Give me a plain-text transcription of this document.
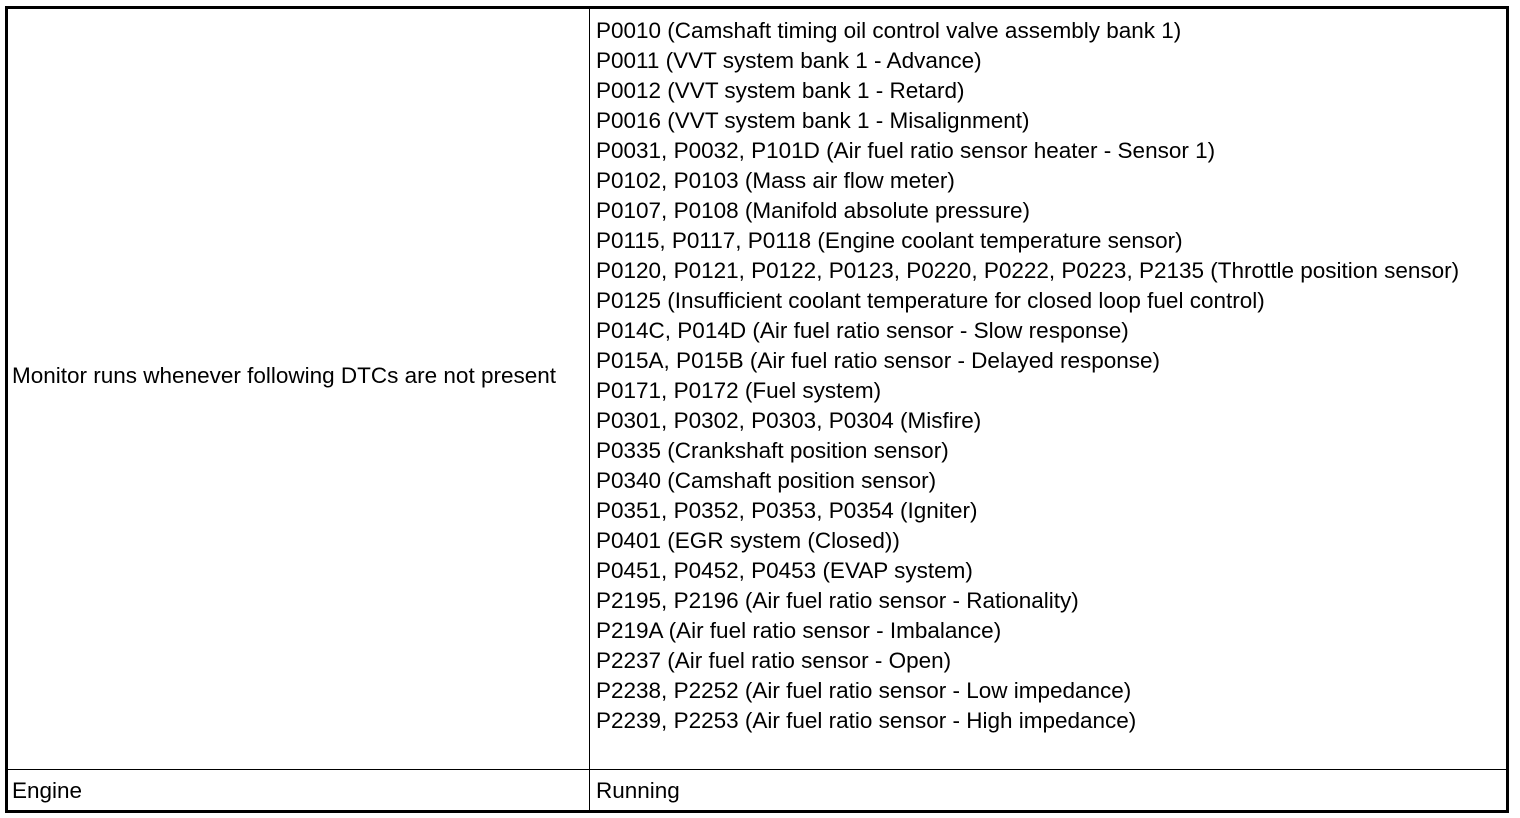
Monitor runs whenever following DTCs are not present
P0010 (Camshaft timing oil control valve assembly bank 1)
P0011 (VVT system bank 1 - Advance)
P0012 (VVT system bank 1 - Retard)
P0016 (VVT system bank 1 - Misalignment)
P0031, P0032, P101D (Air fuel ratio sensor heater - Sensor 1)
P0102, P0103 (Mass air flow meter)
P0107, P0108 (Manifold absolute pressure)
P0115, P0117, P0118 (Engine coolant temperature sensor)
P0120, P0121, P0122, P0123, P0220, P0222, P0223, P2135 (Throttle position sensor)
P0125 (Insufficient coolant temperature for closed loop fuel control)
P014C, P014D (Air fuel ratio sensor - Slow response)
P015A, P015B (Air fuel ratio sensor - Delayed response)
P0171, P0172 (Fuel system)
P0301, P0302, P0303, P0304 (Misfire)
P0335 (Crankshaft position sensor)
P0340 (Camshaft position sensor)
P0351, P0352, P0353, P0354 (Igniter)
P0401 (EGR system (Closed))
P0451, P0452, P0453 (EVAP system)
P2195, P2196 (Air fuel ratio sensor - Rationality)
P219A (Air fuel ratio sensor - Imbalance)
P2237 (Air fuel ratio sensor - Open)
P2238, P2252 (Air fuel ratio sensor - Low impedance)
P2239, P2253 (Air fuel ratio sensor - High impedance)
Engine	Running
